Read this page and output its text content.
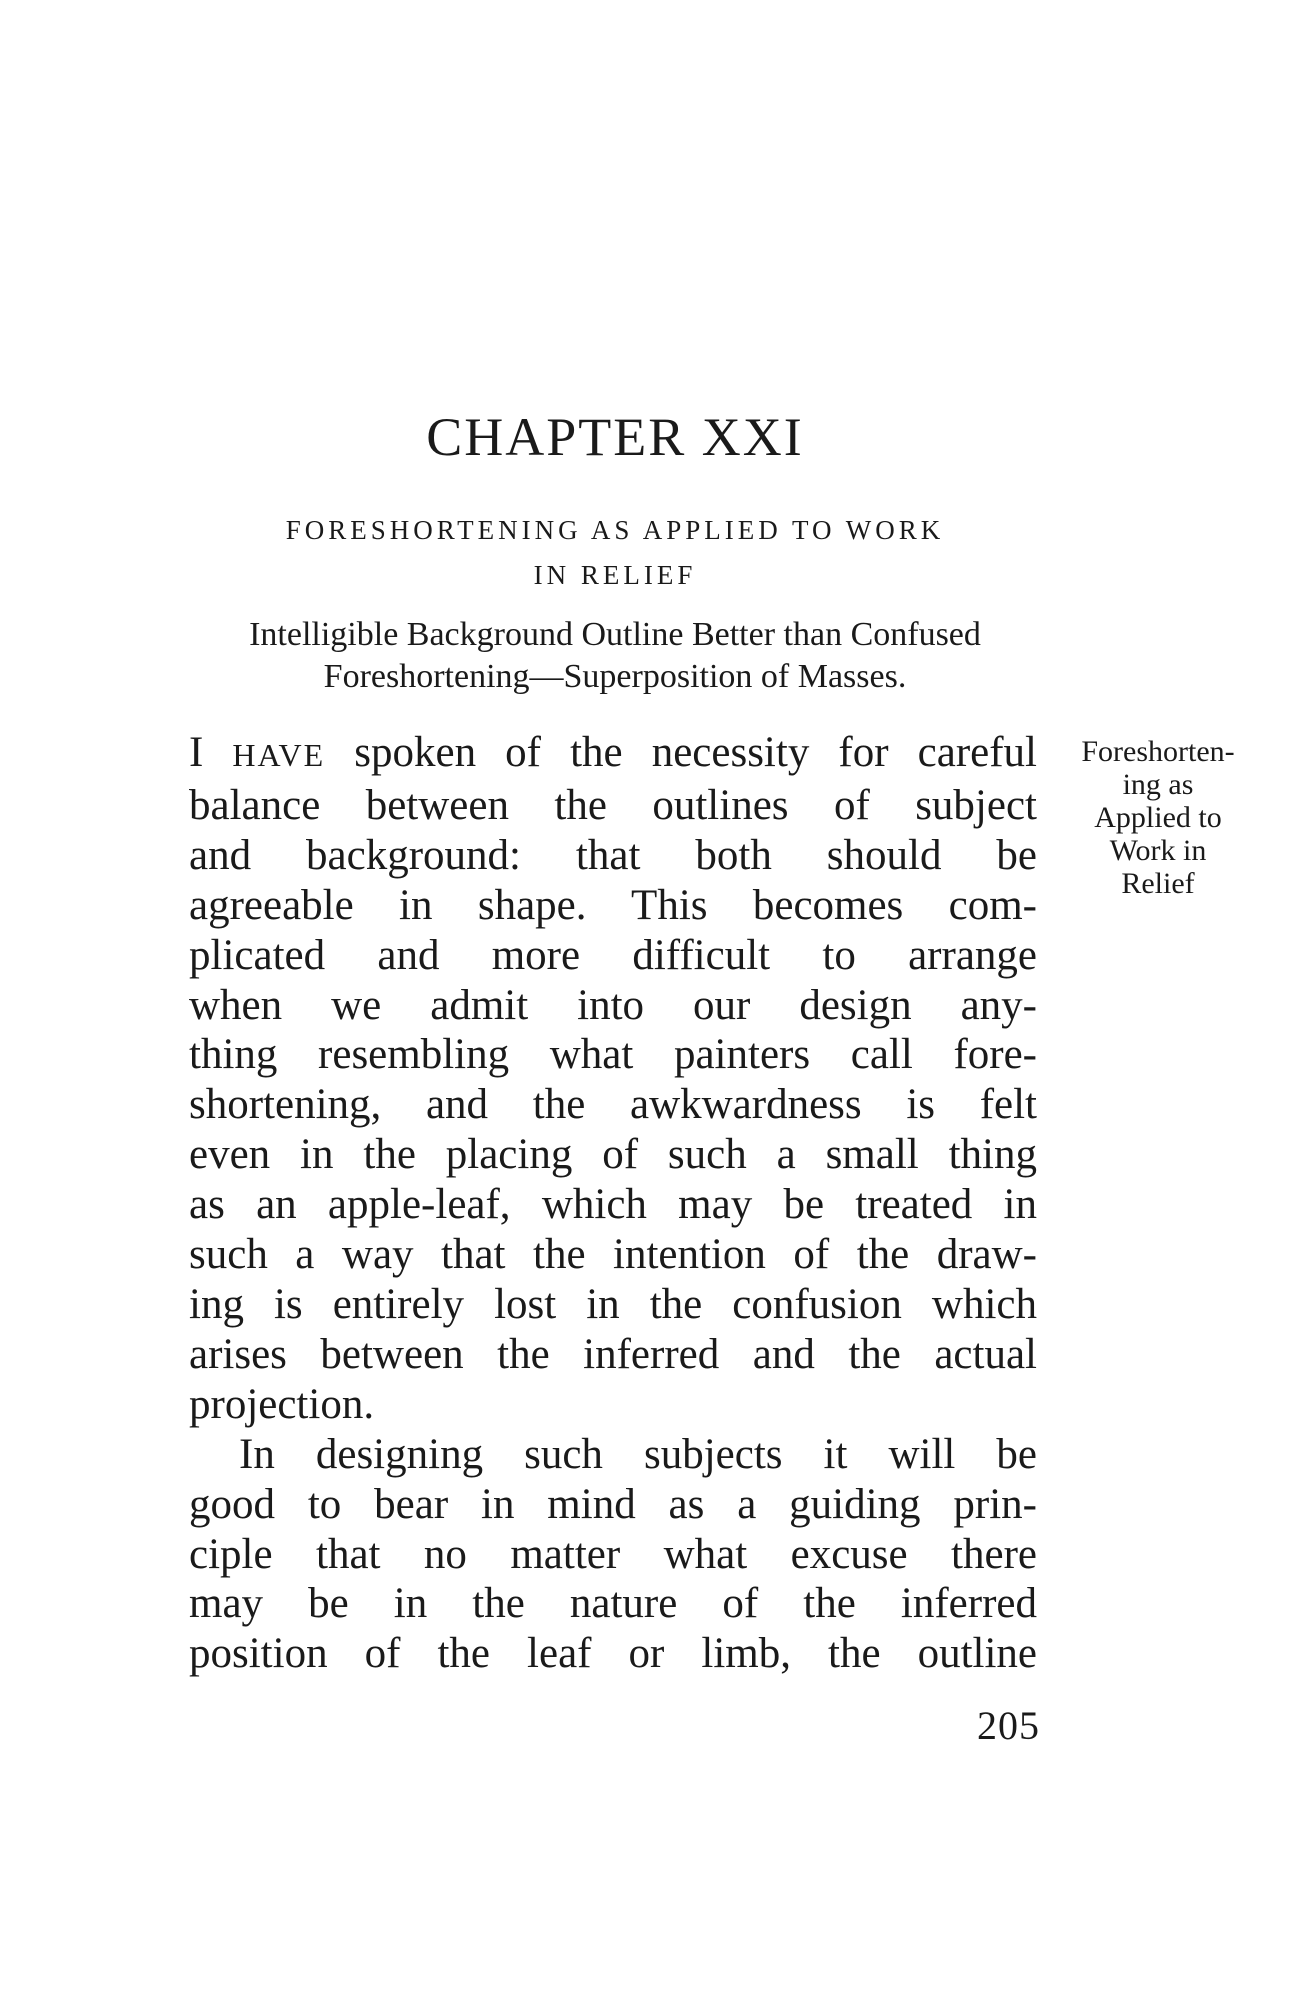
CHAPTER XXI
FORESHORTENING AS APPLIED TO WORK
IN RELIEF
Intelligible Background Outline Better than Confused
Foreshortening—Superposition of Masses.
I HAVE spoken of the necessity for careful
balance between the outlines of subject
and background: that both should be
agreeable in shape. This becomes com-
plicated and more difficult to arrange
when we admit into our design any-
thing resembling what painters call fore-
shortening, and the awkwardness is felt
even in the placing of such a small thing
as an apple-leaf, which may be treated in
such a way that the intention of the draw-
ing is entirely lost in the confusion which
arises between the inferred and the actual
projection.
In designing such subjects it will be
good to bear in mind as a guiding prin-
ciple that no matter what excuse there
may be in the nature of the inferred
position of the leaf or limb, the outline
Foreshorten-
ing as
Applied to
Work in
Relief
205
